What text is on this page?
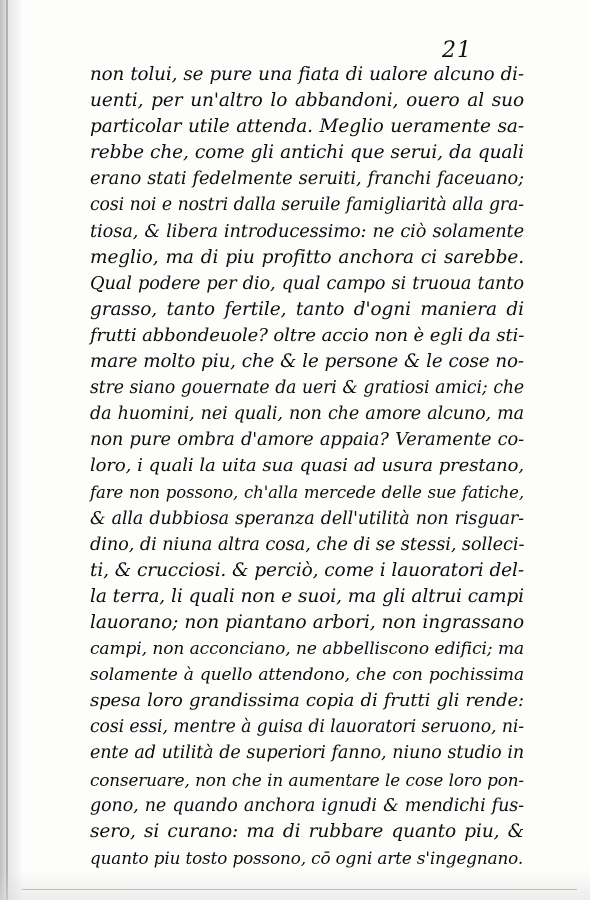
21
non tolui, se pure una fiata di ualore alcuno di-
uenti, per un'altro lo abbandoni, ouero al suo
particolar utile attenda. Meglio ueramente sa-
rebbe che, come gli antichi que serui, da quali
erano stati fedelmente seruiti, franchi faceuano;
cosi noi e nostri dalla seruile famigliarità alla gra-
tiosa, & libera introducessimo: ne ciò solamente
meglio, ma di piu profitto anchora ci sarebbe.
Qual podere per dio, qual campo si truoua tanto
grasso, tanto fertile, tanto d'ogni maniera di
frutti abbondeuole? oltre accio non è egli da sti-
mare molto piu, che & le persone & le cose no-
stre siano gouernate da ueri & gratiosi amici; che
da huomini, nei quali, non che amore alcuno, ma
non pure ombra d'amore appaia? Veramente co-
loro, i quali la uita sua quasi ad usura prestano,
fare non possono, ch'alla mercede delle sue fatiche,
& alla dubbiosa speranza dell'utilità non risguar-
dino, di niuna altra cosa, che di se stessi, solleci-
ti, & crucciosi. & perciò, come i lauoratori del-
la terra, li quali non e suoi, ma gli altrui campi
lauorano; non piantano arbori, non ingrassano
campi, non acconciano, ne abbelliscono edifici; ma
solamente à quello attendono, che con pochissima
spesa loro grandissima copia di frutti gli rende:
cosi essi, mentre à guisa di lauoratori seruono, ni-
ente ad utilità de superiori fanno, niuno studio in
conseruare, non che in aumentare le cose loro pon-
gono, ne quando anchora ignudi & mendichi fus-
sero, si curano: ma di rubbare quanto piu, &
quanto piu tosto possono, cō ogni arte s'ingegnano.
